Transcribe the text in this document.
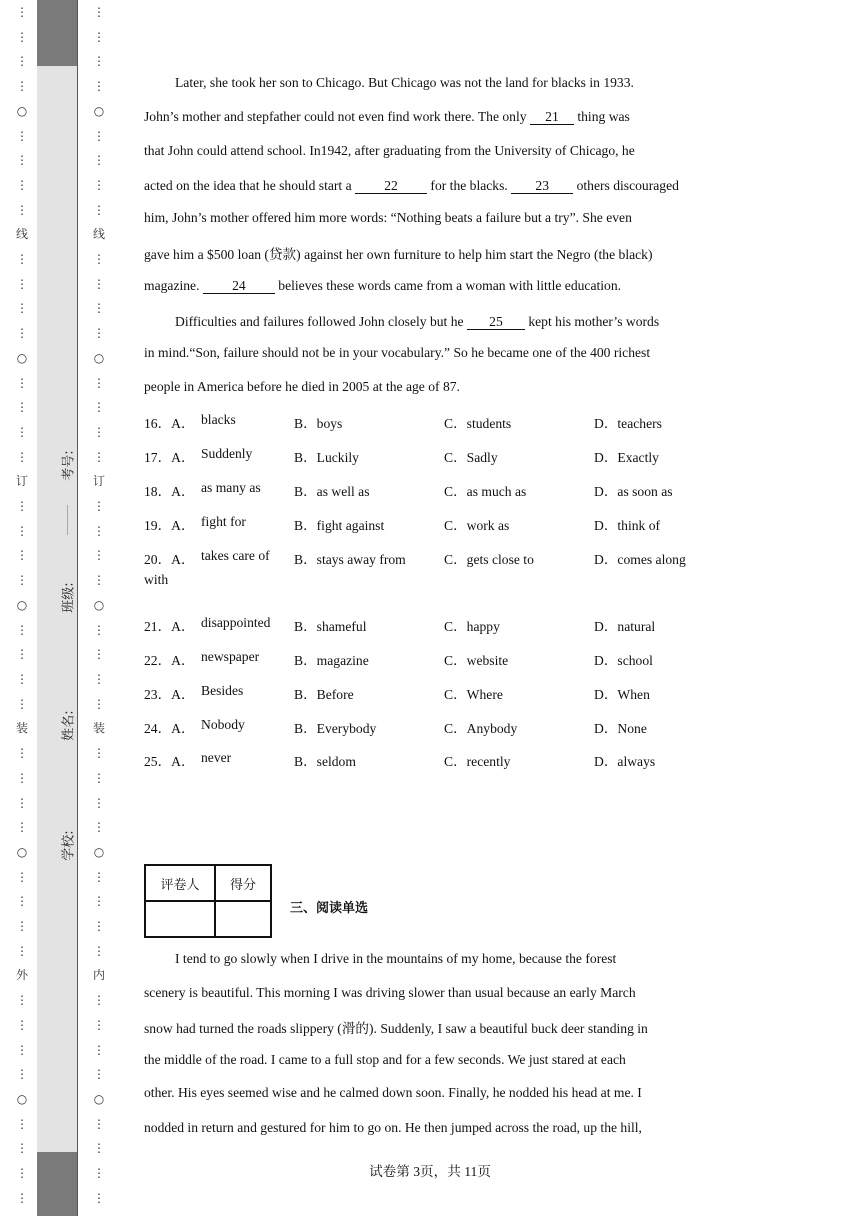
⋮
⋮
⋮
⋮
○
⋮
⋮
⋮
⋮
线
⋮
⋮
⋮
⋮
○
⋮
⋮
⋮
⋮
订
⋮
⋮
⋮
⋮
○
⋮
⋮
⋮
⋮
装
⋮
⋮
⋮
⋮
○
⋮
⋮
⋮
⋮
外
⋮
⋮
⋮
⋮
○
⋮
⋮
⋮
⋮
⋮
⋮
⋮
⋮
○
⋮
⋮
⋮
⋮
线
⋮
⋮
⋮
⋮
○
⋮
⋮
⋮
⋮
订
⋮
⋮
⋮
⋮
○
⋮
⋮
⋮
⋮
装
⋮
⋮
⋮
⋮
○
⋮
⋮
⋮
⋮
内
⋮
⋮
⋮
⋮
○
⋮
⋮
⋮
⋮
考号:
班级:
姓名:
学校:
Later, she took her son to Chicago. But Chicago was not the land for blacks in 1933.
John’s mother and stepfather could not even find work there. The only 21 thing was
that John could attend school. In1942, after graduating from the University of Chicago, he
acted on the idea that he should start a 22 for the blacks. 23 others discouraged
him, John’s mother offered him more words: “Nothing beats a failure but a try”. She even
gave him a $500 loan (贷款) against her own furniture to help him start the Negro (the black)
magazine. 24 believes these words came from a woman with little education.
Difficulties and failures followed John closely but he 25 kept his mother’s words
in mind.“Son, failure should not be in your vocabulary.” So he became one of the 400 richest
people in America before he died in 2005 at the age of 87.
16．A． blacks	B．boys	C．students	D．teachers
17．A． Suddenly	B．Luckily	C．Sadly	D．Exactly
18．A． as many as B．as well as	C．as much as	D．as soon as
19．A． fight for	B．fight against	C．work as	D．think of
20．A． takes care of B．stays away from	C．gets close to	D．comes along
with
21．A． disappointed B．shameful	C．happy	D．natural
22．A． newspaper	B．magazine	C．website	D．school
23．A． Besides	B．Before	C．Where	D．When
24．A． Nobody	B．Everybody	C．Anybody	D．None
25．A． never	B．seldom	C．recently	D．always
评卷人	得分

三、阅读单选
I tend to go slowly when I drive in the mountains of my home, because the forest
scenery is beautiful. This morning I was driving slower than usual because an early March
snow had turned the roads slippery (滑的). Suddenly, I saw a beautiful buck deer standing in
the middle of the road. I came to a full stop and for a few seconds. We just stared at each
other. His eyes seemed wise and he calmed down soon. Finally, he nodded his head at me. I
nodded in return and gestured for him to go on. He then jumped across the road, up the hill,
试卷第 3页，共 11页
